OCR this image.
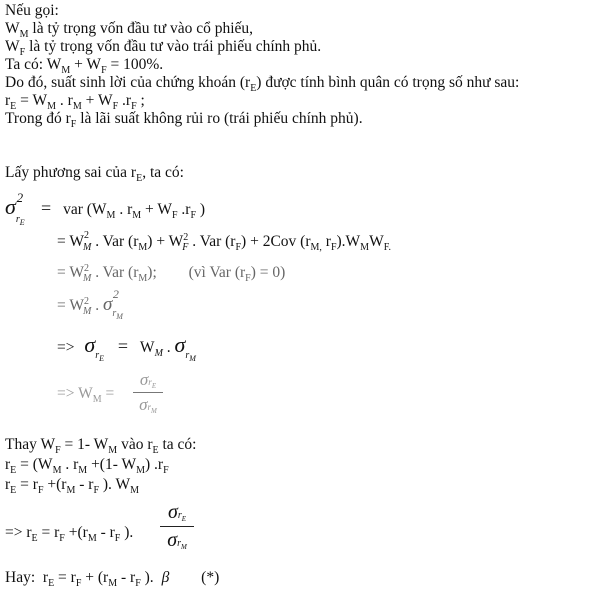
Nếu gọi:
$W_M$ là tỷ trọng vốn đầu tư vào cổ phiếu,
$W_F$ là tỷ trọng vốn đầu tư vào trái phiếu chính phủ.
Ta có: $W_M + W_F = 100\%$.
Do đó, suất sinh lời của chứng khoán $(r_E)$ được tính bình quân có trọng số như sau:
$r_E = W_M$ . $r_M + W_F$ $.r_F$ ;
Trong đó $r_F$ là lãi suất không rủi ro (trái phiếu chính phủ).
Lấy phương sai của $r_E$, ta có:
$\sigma_{r_E}^2$ = var ($W_M$ . $r_M + W_F$ $.r_F$ )
= $W^2_M$ . Var $(r_M) + W^2_F$ . Var $(r_F) + 2Cov$ ($r_{M,}$ $r_F).W_MW_{F.}$
= $W^2_M$ . Var $(r_M)$; (vì Var $(r_F) = 0$)
= $W^2_M$ . $\sigma_{r_M}^2$
=> $\sigma_{r_E} = W_M$ . $\sigma_{r_M}$
=> $W_M$ =
$\sigma r_E$
$\sigma r_M$
Thay $W_F = 1-$ $W_M$ vào $r_E$ ta có:
$r_E = (W_M$ . $r_M +(1-$ $W_M$) $.r_F$
$r_E = r_F +(r_M - r_F$ ). $W_M$
=> $r_E = r_F +(r_M - r_F$ ).
$\sigma r_E$
$\sigma r_M$
Hay:  $r_E = r_F + (r_M - r_F$ ). β (*)
